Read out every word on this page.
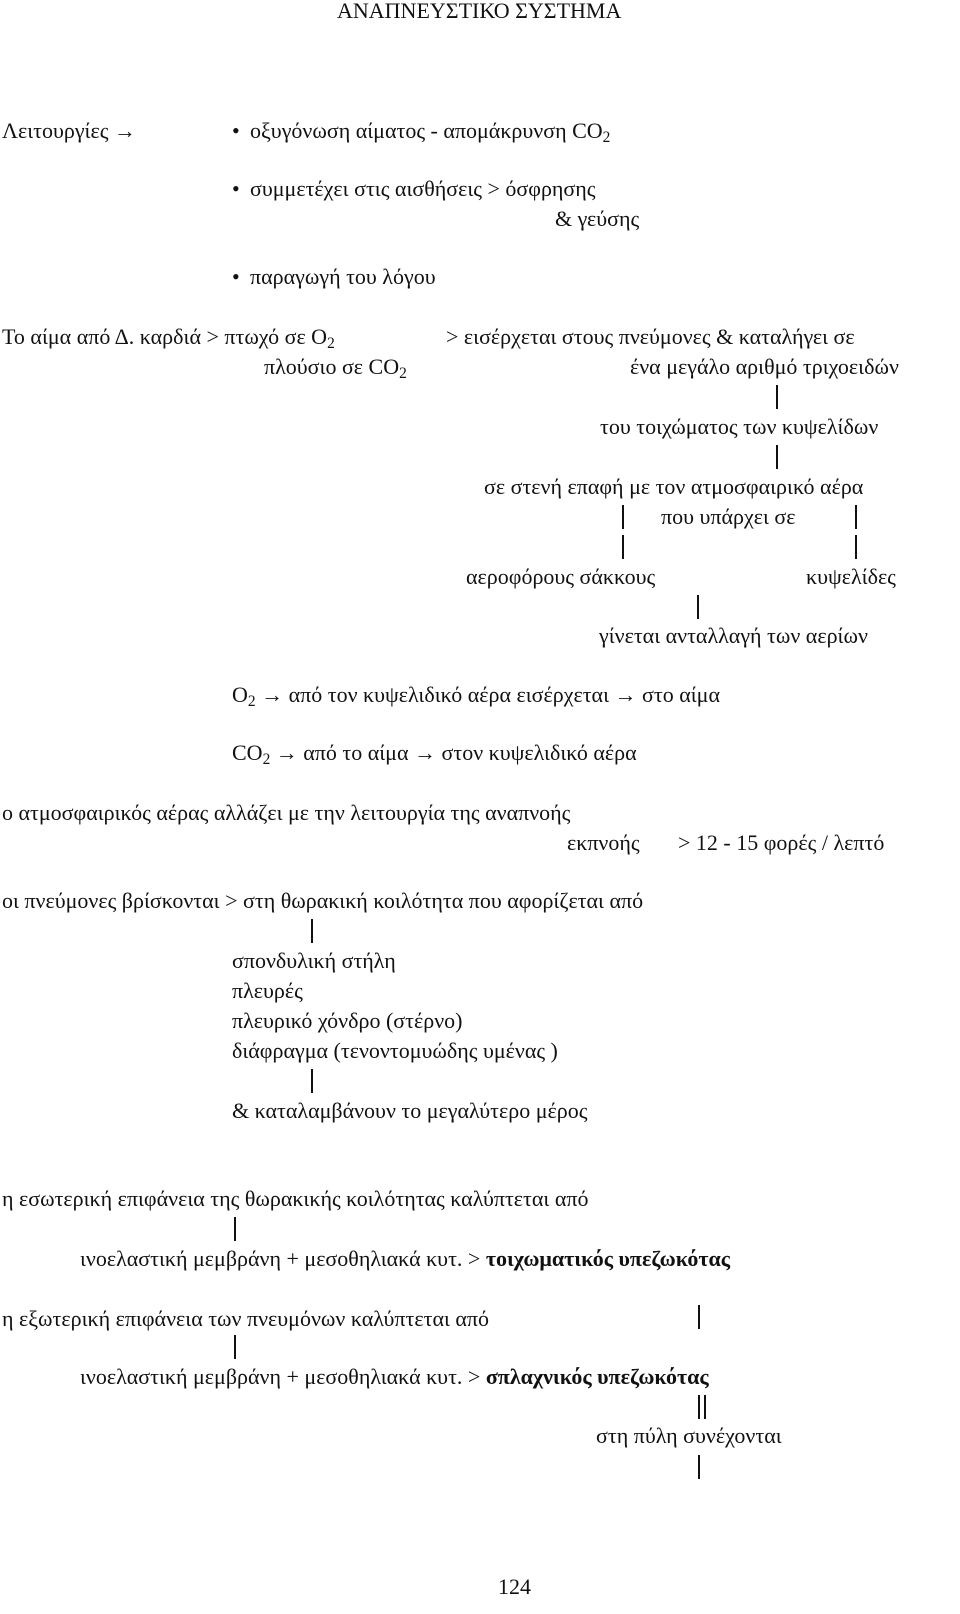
ΑΝΑΠΝΕΥΣΤΙΚΟ ΣΥΣΤΗΜΑ
Λειτουργίες →	• οξυγόνωση αίματος - απομάκρυνση $CO_2$
• συμμετέχει στις αισθήσεις > όσφρησης
& γεύσης
• παραγωγή του λόγου
Το αίμα από Δ. καρδιά > πτωχό σε $O_2$	> εισέρχεται στους πνεύμονες & καταλήγει σε
πλούσιο σε $CO_2$	ένα μεγάλο αριθμό τριχοειδών
του τοιχώματος των κυψελίδων
σε στενή επαφή με τον ατμοσφαιρικό αέρα
που υπάρχει σε
αεροφόρους σάκκους	κυψελίδες
γίνεται ανταλλαγή των αερίων
$O_2 \to \alpha\pi ό$ τον κυψελιδικό αέρα εισέρχεται → στο αίμα
$CO_2 \to \alpha\pi ό$ το αίμα → στον κυψελιδικό αέρα
ο ατμοσφαιρικός αέρας αλλάζει με την λειτουργία της αναπνοής
εκπνοής > 12 - 15 φορές / λεπτό
οι πνεύμονες βρίσκονται > στη θωρακική κοιλότητα που αφορίζεται από
σπονδυλική στήλη
πλευρές
πλευρικό χόνδρο (στέρνο)
διάφραγμα (τενοντομυώδης υμένας )
& καταλαμβάνουν το μεγαλύτερο μέρος
η εσωτερική επιφάνεια της θωρακικής κοιλότητας καλύπτεται από
ινοελαστική μεμβράνη + μεσοθηλιακά κυτ. > τοιχωματικός υπεζωκότας
η εξωτερική επιφάνεια των πνευμόνων καλύπτεται από
ινοελαστική μεμβράνη + μεσοθηλιακά κυτ. > σπλαχνικός υπεζωκότας
στη πύλη συνέχονται
124
